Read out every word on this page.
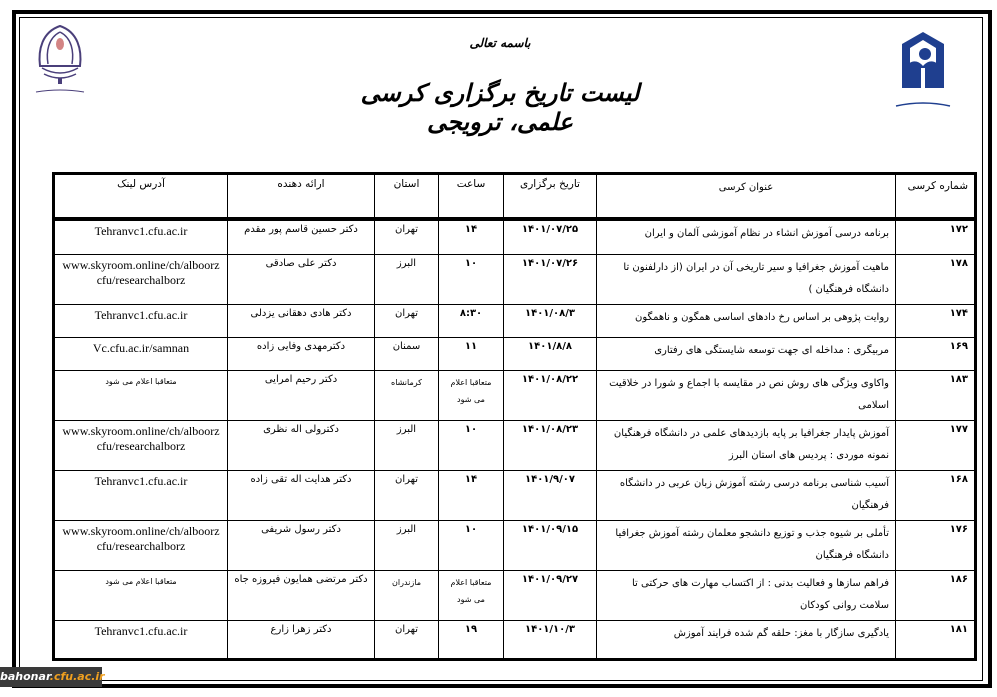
باسمه تعالی
لیست تاریخ برگزاری کرسی علمی، ترویجی
شماره کرسی	عنوان کرسی	تاریخ برگزاری	ساعت	استان	ارائه دهنده	آدرس لینک
۱۷۲	برنامه درسی آموزش انشاء در نظام آموزشی آلمان و ایران	۱۴۰۱/۰۷/۲۵	۱۴	تهران	دکتر حسین قاسم پور مقدم	Tehranvc1.cfu.ac.ir
۱۷۸	ماهیت آموزش جغرافیا و سیر تاریخی آن در ایران (از دارلفنون تا دانشگاه فرهنگیان )	۱۴۰۱/۰۷/۲۶	۱۰	البرز	دکتر علی صادقی	www.skyroom.online/ch/alboorzcfu/researchalborz
۱۷۴	روایت پژوهی بر اساس رخ دادهای اساسی همگون و ناهمگون	۱۴۰۱/۰۸/۳	۸:۳۰	تهران	دکتر هادی دهقانی یزدلی	Tehranvc1.cfu.ac.ir
۱۶۹	مربیگری : مداخله ای جهت توسعه شایستگی های رفتاری	۱۴۰۱/۸/۸	۱۱	سمنان	دکترمهدی وفایی زاده	Vc.cfu.ac.ir/samnan
۱۸۳	واکاوی ویژگی های روش نص در مقایسه با اجماع و شورا در خلاقیت اسلامی	۱۴۰۱/۰۸/۲۲	متعاقبا اعلام می شود	کرمانشاه	دکتر رحیم امرایی	متعاقبا اعلام می شود
۱۷۷	آموزش پایدار جغرافیا بر پایه بازدیدهای علمی در دانشگاه فرهنگیان نمونه موردی : پردیس های استان البرز	۱۴۰۱/۰۸/۲۳	۱۰	البرز	دکترولی اله نظری	www.skyroom.online/ch/alboorzcfu/researchalborz
۱۶۸	آسیب شناسی برنامه درسی رشته آموزش زبان عربی در دانشگاه فرهنگیان	۱۴۰۱/۹/۰۷	۱۴	تهران	دکتر هدایت اله تقی زاده	Tehranvc1.cfu.ac.ir
۱۷۶	تأملی بر شیوه جذب و توزیع دانشجو معلمان رشته آموزش جغرافیا دانشگاه فرهنگیان	۱۴۰۱/۰۹/۱۵	۱۰	البرز	دکتر رسول شریفی	www.skyroom.online/ch/alboorzcfu/researchalborz
۱۸۶	فراهم سازها و فعالیت بدنی : از اکتساب مهارت های حرکتی تا سلامت روانی کودکان	۱۴۰۱/۰۹/۲۷	متعاقبا اعلام می شود	مازندران	دکتر مرتضی همایون فیروزه جاه	متعاقبا اعلام می شود
۱۸۱	یادگیری سازگار با مغز: حلقه گم شده فرایند آموزش	۱۴۰۱/۱۰/۳	۱۹	تهران	دکتر زهرا زارع	Tehranvc1.cfu.ac.ir
bahonar.cfu.ac.ir
